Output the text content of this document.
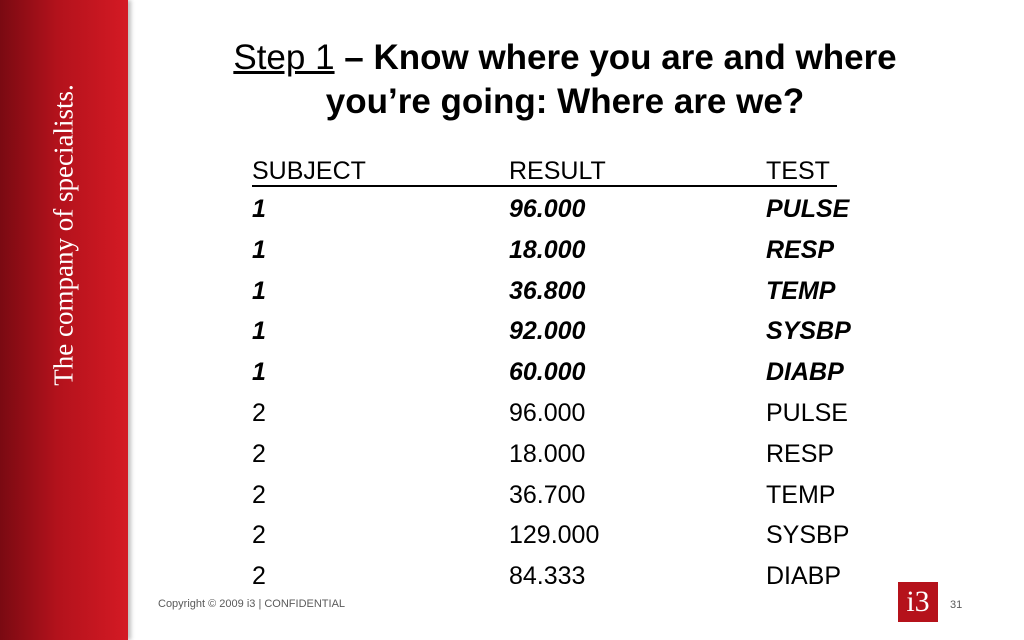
The company of specialists.
Step 1 – Know where you are and where
you’re going: Where are we?
SUBJECT	RESULT	TEST
1	96.000	PULSE
1	18.000	RESP
1	36.800	TEMP
1	92.000	SYSBP
1	60.000	DIABP
2	96.000	PULSE
2	18.000	RESP
2	36.700	TEMP
2	129.000	SYSBP
2	84.333	DIABP
Copyright © 2009 i3 | CONFIDENTIAL	i3	31
